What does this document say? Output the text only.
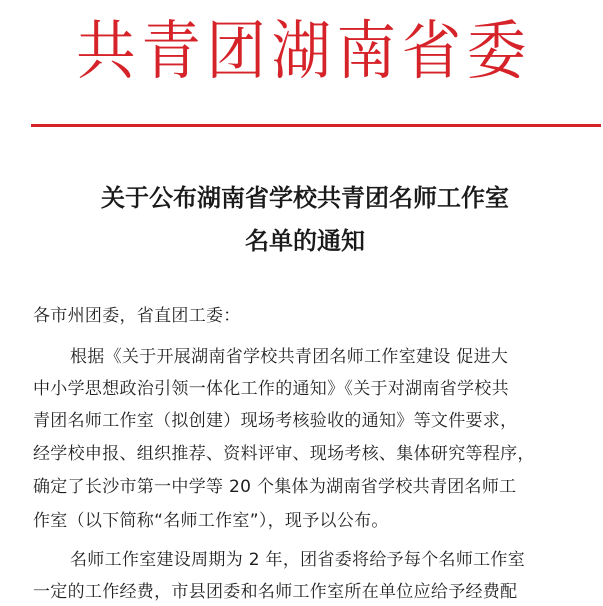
共青团湖南省委
关于公布湖南省学校共青团名师工作室
名单的通知
各市州团委，省直团工委：
根据《关于开展湖南省学校共青团名师工作室建设 促进大
中小学思想政治引领一体化工作的通知》《关于对湖南省学校共
青团名师工作室（拟创建）现场考核验收的通知》等文件要求，
经学校申报、组织推荐、资料评审、现场考核、集体研究等程序，
确定了长沙市第一中学等 20 个集体为湖南省学校共青团名师工
作室（以下简称“名师工作室”），现予以公布。
名师工作室建设周期为 2 年，团省委将给予每个名师工作室
一定的工作经费，市县团委和名师工作室所在单位应给予经费配
